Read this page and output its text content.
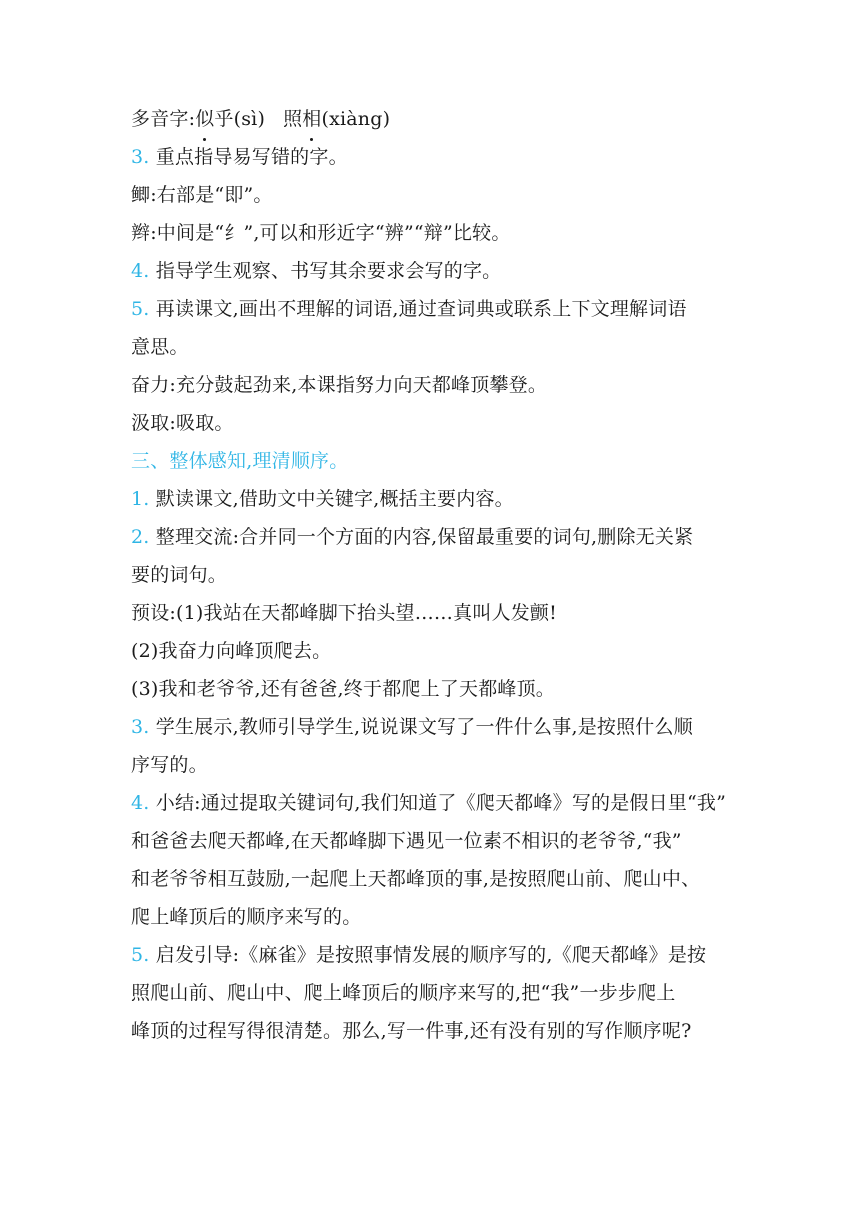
多音字:似乎(sì) 照相(xiàng)
3. 重点指导易写错的字。
鲫:右部是“即”。
辫:中间是“纟”,可以和形近字“辨”“辩”比较。
4. 指导学生观察、书写其余要求会写的字。
5. 再读课文,画出不理解的词语,通过查词典或联系上下文理解词语
意思。
奋力:充分鼓起劲来,本课指努力向天都峰顶攀登。
汲取:吸取。
三、整体感知,理清顺序。
1. 默读课文,借助文中关键字,概括主要内容。
2. 整理交流:合并同一个方面的内容,保留最重要的词句,删除无关紧
要的词句。
预设:(1)我站在天都峰脚下抬头望……真叫人发颤!
(2)我奋力向峰顶爬去。
(3)我和老爷爷,还有爸爸,终于都爬上了天都峰顶。
3. 学生展示,教师引导学生,说说课文写了一件什么事,是按照什么顺
序写的。
4. 小结:通过提取关键词句,我们知道了《爬天都峰》写的是假日里“我”
和爸爸去爬天都峰,在天都峰脚下遇见一位素不相识的老爷爷,“我”
和老爷爷相互鼓励,一起爬上天都峰顶的事,是按照爬山前、爬山中、
爬上峰顶后的顺序来写的。
5. 启发引导:《麻雀》是按照事情发展的顺序写的,《爬天都峰》是按
照爬山前、爬山中、爬上峰顶后的顺序来写的,把“我”一步步爬上
峰顶的过程写得很清楚。那么,写一件事,还有没有别的写作顺序呢?
